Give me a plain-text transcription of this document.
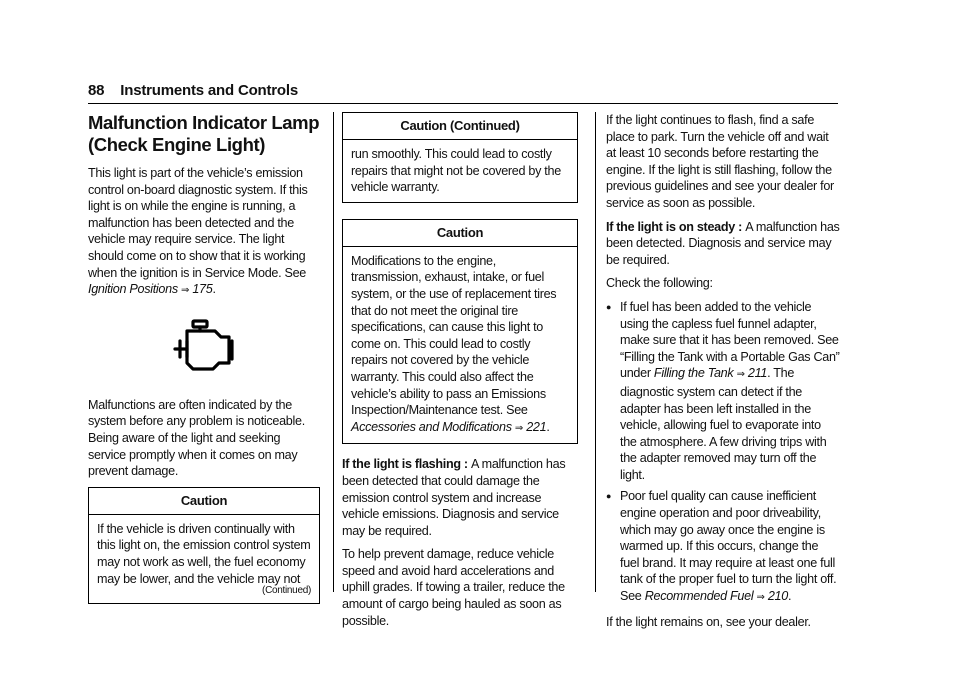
88 Instruments and Controls
Malfunction Indicator Lamp (Check Engine Light)

This light is part of the vehicle’s emission control on-board diagnostic system. If this light is on while the engine is running, a malfunction has been detected and the vehicle may require service. The light should come on to show that it is working when the ignition is in Service Mode. See Ignition Positions ⇒ 175.

Malfunctions are often indicated by the system before any problem is noticeable. Being aware of the light and seeking service promptly when it comes on may prevent damage.

Caution
If the vehicle is driven continually with this light on, the emission control system may not work as well, the fuel economy may be lower, and the vehicle may not
(Continued)
Caution (Continued)
run smoothly. This could lead to costly repairs that might not be covered by the vehicle warranty.
Caution
Modifications to the engine, transmission, exhaust, intake, or fuel system, or the use of replacement tires that do not meet the original tire specifications, can cause this light to come on. This could lead to costly repairs not covered by the vehicle warranty. This could also affect the vehicle’s ability to pass an Emissions Inspection/Maintenance test. See Accessories and Modifications ⇒ 221.

If the light is flashing : A malfunction has been detected that could damage the emission control system and increase vehicle emissions. Diagnosis and service may be required.

To help prevent damage, reduce vehicle speed and avoid hard accelerations and uphill grades. If towing a trailer, reduce the amount of cargo being hauled as soon as possible.

If the light continues to flash, find a safe place to park. Turn the vehicle off and wait at least 10 seconds before restarting the engine. If the light is still flashing, follow the previous guidelines and see your dealer for service as soon as possible.

If the light is on steady : A malfunction has been detected. Diagnosis and service may be required.

Check the following:

● If fuel has been added to the vehicle using the capless fuel funnel adapter, make sure that it has been removed. See “Filling the Tank with a Portable Gas Can” under Filling the Tank ⇒ 211. The diagnostic system can detect if the adapter has been left installed in the vehicle, allowing fuel to evaporate into the atmosphere. A few driving trips with the adapter removed may turn off the light.
● Poor fuel quality can cause inefficient engine operation and poor driveability, which may go away once the engine is warmed up. If this occurs, change the fuel brand. It may require at least one full tank of the proper fuel to turn the light off. See Recommended Fuel ⇒ 210.

If the light remains on, see your dealer.
